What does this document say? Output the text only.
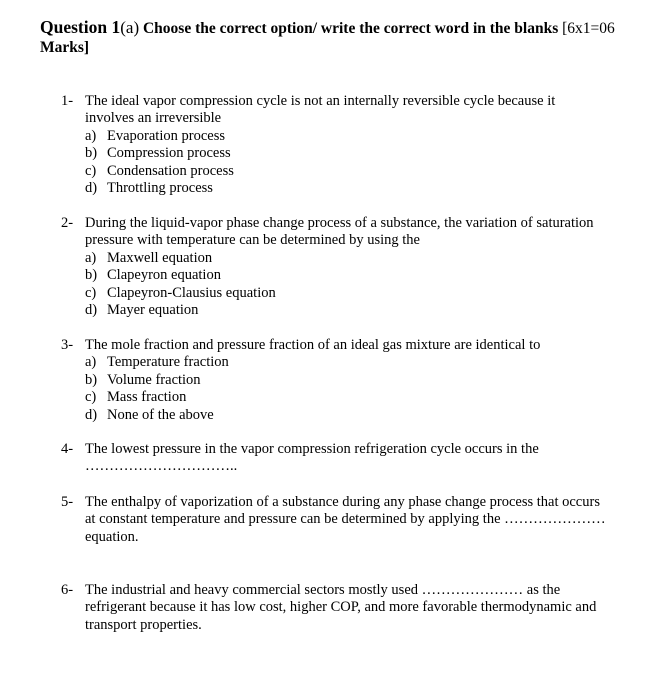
Question 1(a) Choose the correct option/ write the correct word in the blanks [6x1=06
Marks]
1- The ideal vapor compression cycle is not an internally reversible cycle because it
involves an irreversible
a) Evaporation process
b) Compression process
c) Condensation process
d) Throttling process
2- During the liquid-vapor phase change process of a substance, the variation of saturation
pressure with temperature can be determined by using the
a) Maxwell equation
b) Clapeyron equation
c) Clapeyron-Clausius equation
d) Mayer equation
3- The mole fraction and pressure fraction of an ideal gas mixture are identical to
a) Temperature fraction
b) Volume fraction
c) Mass fraction
d) None of the above
4- The lowest pressure in the vapor compression refrigeration cycle occurs in the
…………………………..
5- The enthalpy of vaporization of a substance during any phase change process that occurs
at constant temperature and pressure can be determined by applying the …………………
equation.
6- The industrial and heavy commercial sectors mostly used ………………… as the
refrigerant because it has low cost, higher COP, and more favorable thermodynamic and
transport properties.
